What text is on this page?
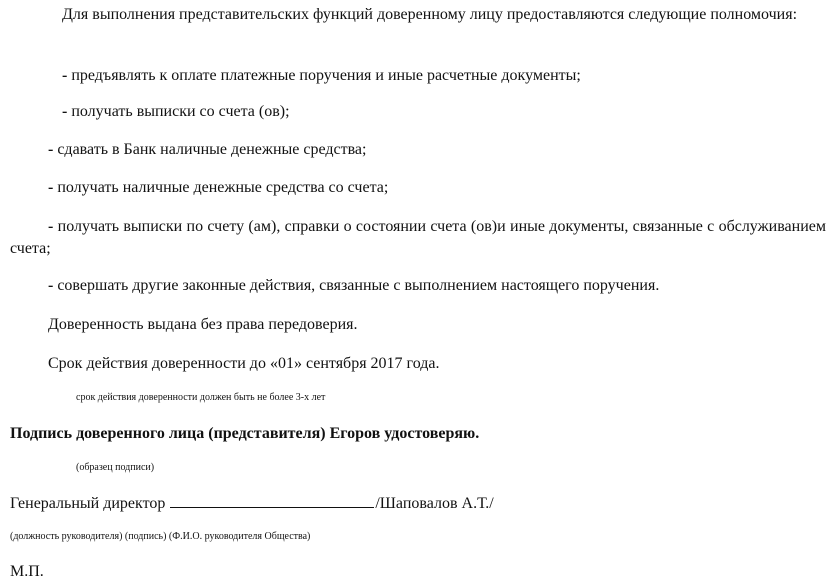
Для выполнения представительских функций доверенному лицу предоставляются следующие полномочия:
- предъявлять к оплате платежные поручения и иные расчетные документы;
- получать выписки со счета (ов);
- сдавать в Банк наличные денежные средства;
- получать наличные денежные средства со счета;
- получать выписки по счету (ам), справки о состоянии счета (ов)и иные документы, связанные с обслуживанием счета;
- совершать другие законные действия, связанные с выполнением настоящего поручения.
Доверенность выдана без права передоверия.
Срок действия доверенности до «01» сентября 2017 года.
срок действия доверенности должен быть не более 3-х лет
Подпись доверенного лица (представителя) Егоров удостоверяю.
(образец подписи)
Генеральный директор	/Шаповалов А.Т./
(должность руководителя) (подпись) (Ф.И.О. руководителя Общества)
М.П.
